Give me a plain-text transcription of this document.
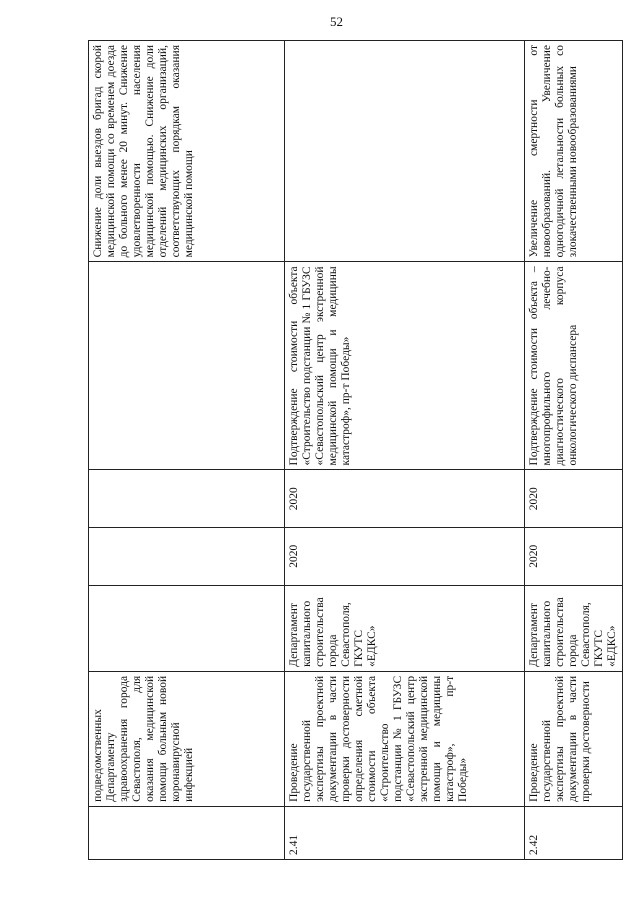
52
	подведомственных Департаменту здравоохранения города Севастополя, для оказания медицинской помощи больным новой коронавирусной инфекцией					Снижение доли выездов бригад скорой медицинской помощи со временем доезда до больного менее 20 минут. Снижение удовлетворенности населения медицинской помощью. Снижение доли отделений медицинских организаций, соответствующих порядкам оказания медицинской помощи
2.41	Проведение государственной экспертизы проектной документации в части проверки достоверности определения сметной стоимости объекта «Строительство подстанции № 1 ГБУЗС «Севастопольский центр экстренной медицинской помощи и медицины катастроф», пр-т Победы»	Департамент капитального строительства города Севастополя, ГКУТС «ЕДКС»	2020	2020	Подтверждение стоимости объекта «Строительство подстанции № 1 ГБУЗС «Севастопольский центр экстренной медицинской помощи и медицины катастроф», пр-т Победы»	
2.42	Проведение государственной экспертизы проектной документации в части проверки достоверности	Департамент капитального строительства города Севастополя, ГКУТС «ЕДКС»	2020	2020	Подтверждение стоимости объекта – многопрофильного лечебно-диагностического корпуса онкологического диспансера	Увеличение смертности от новообразований. Увеличение одногодичной летальности больных со злокачественными новообразованиями
